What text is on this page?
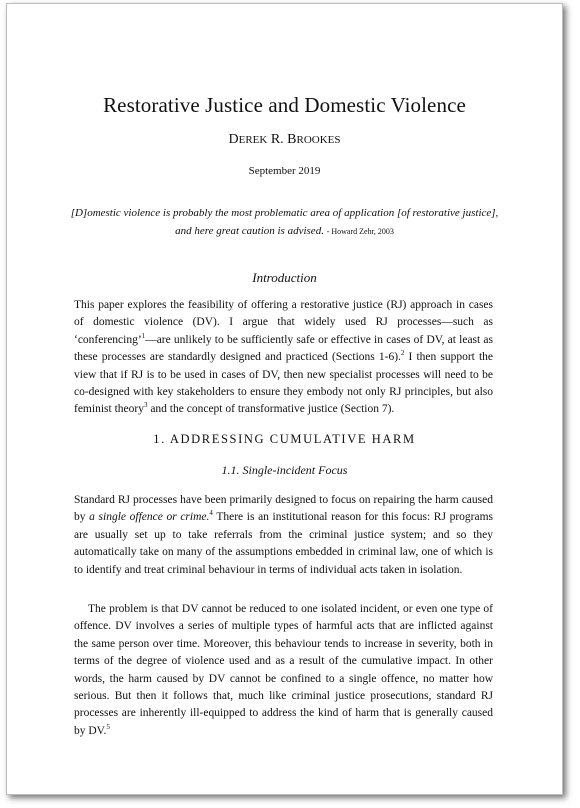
Restorative Justice and Domestic Violence
DEREK R. BROOKES
September 2019
[D]omestic violence is probably the most problematic area of application [of restorative justice], and here great caution is advised. - Howard Zehr, 2003
Introduction
This paper explores the feasibility of offering a restorative justice (RJ) approach in cases of domestic violence (DV). I argue that widely used RJ processes—such as ‘conferencing’$^1$—are unlikely to be sufficiently safe or effective in cases of DV, at least as these processes are standardly designed and practiced (Sections 1-6).$^2$ I then support the view that if RJ is to be used in cases of DV, then new specialist processes will need to be co-designed with key stakeholders to ensure they embody not only RJ principles, but also feminist theory$^3$ and the concept of transformative justice (Section 7).
1. ADDRESSING CUMULATIVE HARM
1.1. Single-incident Focus
Standard RJ processes have been primarily designed to focus on repairing the harm caused by a single offence or crime.$^4$ There is an institutional reason for this focus: RJ programs are usually set up to take referrals from the criminal justice system; and so they automatically take on many of the assumptions embedded in criminal law, one of which is to identify and treat criminal behaviour in terms of individual acts taken in isolation.
The problem is that DV cannot be reduced to one isolated incident, or even one type of offence. DV involves a series of multiple types of harmful acts that are inflicted against the same person over time. Moreover, this behaviour tends to increase in severity, both in terms of the degree of violence used and as a result of the cumulative impact. In other words, the harm caused by DV cannot be confined to a single offence, no matter how serious. But then it follows that, much like criminal justice prosecutions, standard RJ processes are inherently ill-equipped to address the kind of harm that is generally caused by DV.$^5$
